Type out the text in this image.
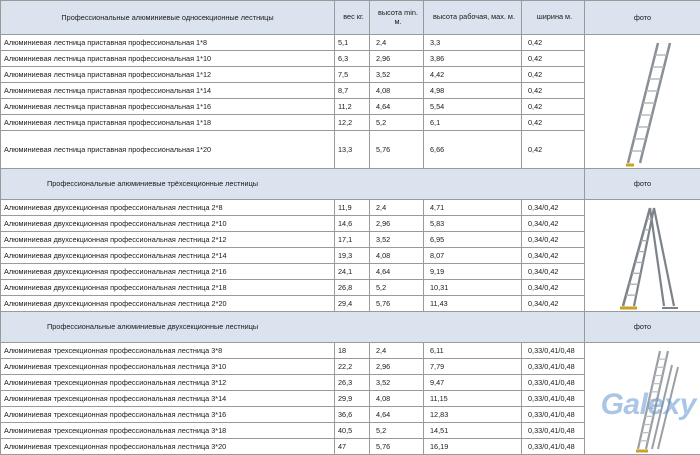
Профессиональные алюминиевые односекционные лестницы	вес кг.	высота min. м.	высота рабочая, мах. м.	ширина м.	фото
Алюминиевая лестница приставная профессиональная 1*8	5,1	2,4	3,3	0,42	

Алюминиевая лестница приставная профессиональная 1*10	6,3	2,96	3,86	0,42	
Алюминиевая лестница приставная профессиональная 1*12	7,5	3,52	4,42	0,42	
Алюминиевая лестница приставная профессиональная 1*14	8,7	4,08	4,98	0,42	
Алюминиевая лестница приставная профессиональная 1*16	11,2	4,64	5,54	0,42	
Алюминиевая лестница приставная профессиональная 1*18	12,2	5,2	6,1	0,42	
Алюминиевая лестница приставная профессиональная 1*20	13,3	5,76	6,66	0,42	
Профессиональные алюминиевые трёхсекционные лестницы					фото
Алюминиевая двухсекционная профессиональная лестница 2*8	11,9	2,4	4,71	0,34/0,42	

Алюминиевая двухсекционная профессиональная лестница 2*10	14,6	2,96	5,83	0,34/0,42	
Алюминиевая двухсекционная профессиональная лестница 2*12	17,1	3,52	6,95	0,34/0,42	
Алюминиевая двухсекционная профессиональная лестница 2*14	19,3	4,08	8,07	0,34/0,42	
Алюминиевая двухсекционная профессиональная лестница 2*16	24,1	4,64	9,19	0,34/0,42	
Алюминиевая двухсекционная профессиональная лестница 2*18	26,8	5,2	10,31	0,34/0,42	
Алюминиевая двухсекционная профессиональная лестница 2*20	29,4	5,76	11,43	0,34/0,42	
Профессиональные алюминиевые двухсекционные лестницы					фото
Алюминиевая трехсекционная профессиональная лестница 3*8	18	2,4	6,11	0,33/0,41/0,48	

Алюминиевая трехсекционная профессиональная лестница 3*10	22,2	2,96	7,79	0,33/0,41/0,48	
Алюминиевая трехсекционная профессиональная лестница 3*12	26,3	3,52	9,47	0,33/0,41/0,48	
Алюминиевая трехсекционная профессиональная лестница 3*14	29,9	4,08	11,15	0,33/0,41/0,48	
Алюминиевая трехсекционная профессиональная лестница 3*16	36,6	4,64	12,83	0,33/0,41/0,48	
Алюминиевая трехсекционная профессиональная лестница 3*18	40,5	5,2	14,51	0,33/0,41/0,48	
Алюминиевая трехсекционная профессиональная лестница 3*20	47	5,76	16,19	0,33/0,41/0,48	
Galexy
